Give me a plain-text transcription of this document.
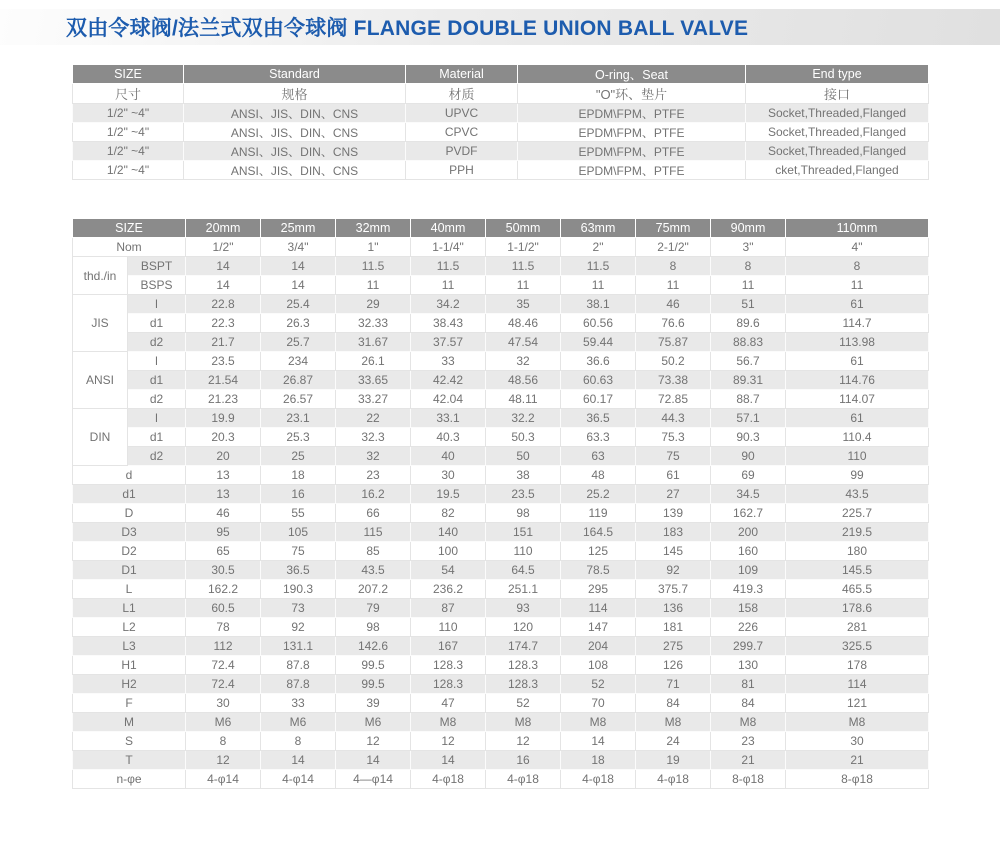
双由令球阀/法兰式双由令球阀 FLANGE DOUBLE UNION BALL VALVE
SIZE	Standard	Material	O-ring、Seat	End type
尺寸	规格	材质	"O"环、垫片	接口
1/2" ~4"	ANSI、JIS、DIN、CNS	UPVC	EPDM\FPM、PTFE	Socket,Threaded,Flanged
1/2" ~4"	ANSI、JIS、DIN、CNS	CPVC	EPDM\FPM、PTFE	Socket,Threaded,Flanged
1/2" ~4"	ANSI、JIS、DIN、CNS	PVDF	EPDM\FPM、PTFE	Socket,Threaded,Flanged
1/2" ~4"	ANSI、JIS、DIN、CNS	PPH	EPDM\FPM、PTFE	cket,Threaded,Flanged
SIZE		20mm	25mm	32mm	40mm	50mm	63mm	75mm	90mm	110mm
Nom		1/2"	3/4"	1"	1-1/4"	1-1/2"	2"	2-1/2"	3"	4"
thd./in	BSPT	14	14	11.5	11.5	11.5	11.5	8	8	8
	BSPS	14	14	11	11	11	11	11	11	11
JIS	l	22.8	25.4	29	34.2	35	38.1	46	51	61
	d1	22.3	26.3	32.33	38.43	48.46	60.56	76.6	89.6	114.7
	d2	21.7	25.7	31.67	37.57	47.54	59.44	75.87	88.83	113.98
ANSI	l	23.5	234	26.1	33	32	36.6	50.2	56.7	61
	d1	21.54	26.87	33.65	42.42	48.56	60.63	73.38	89.31	114.76
	d2	21.23	26.57	33.27	42.04	48.11	60.17	72.85	88.7	114.07
DIN	l	19.9	23.1	22	33.1	32.2	36.5	44.3	57.1	61
	d1	20.3	25.3	32.3	40.3	50.3	63.3	75.3	90.3	110.4
	d2	20	25	32	40	50	63	75	90	110
d		13	18	23	30	38	48	61	69	99
d1		13	16	16.2	19.5	23.5	25.2	27	34.5	43.5
D		46	55	66	82	98	119	139	162.7	225.7
D3		95	105	115	140	151	164.5	183	200	219.5
D2		65	75	85	100	110	125	145	160	180
D1		30.5	36.5	43.5	54	64.5	78.5	92	109	145.5
L		162.2	190.3	207.2	236.2	251.1	295	375.7	419.3	465.5
L1		60.5	73	79	87	93	114	136	158	178.6
L2		78	92	98	110	120	147	181	226	281
L3		112	131.1	142.6	167	174.7	204	275	299.7	325.5
H1		72.4	87.8	99.5	128.3	128.3	108	126	130	178
H2		72.4	87.8	99.5	128.3	128.3	52	71	81	114
F		30	33	39	47	52	70	84	84	121
M		M6	M6	M6	M8	M8	M8	M8	M8	M8
S		8	8	12	12	12	14	24	23	30
T		12	14	14	14	16	18	19	21	21
n-φe		4-φ14	4-φ14	4—φ14	4-φ18	4-φ18	4-φ18	4-φ18	8-φ18	8-φ18
